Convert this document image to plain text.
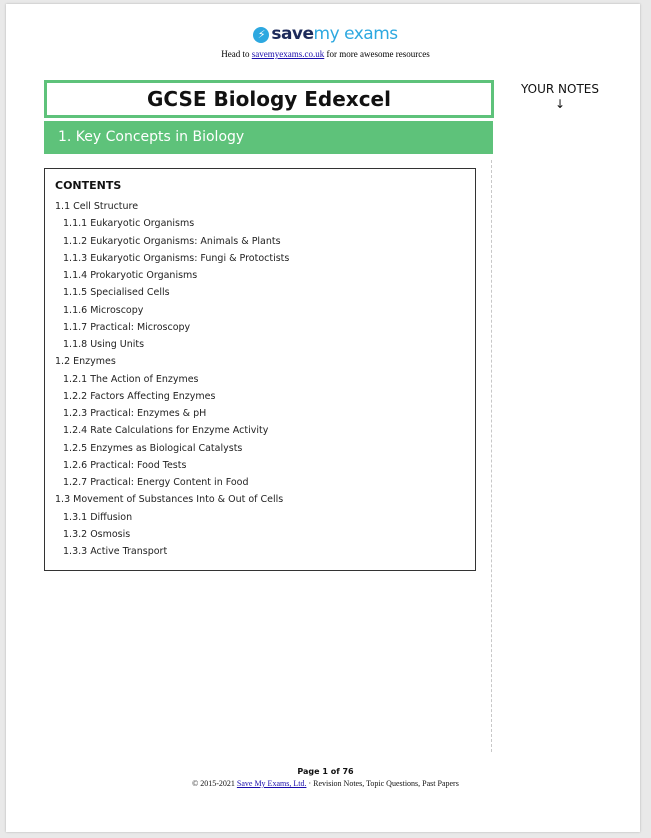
⚡ savemy exams
Head to savemyexams.co.uk for more awesome resources
GCSE Biology Edexcel
1. Key Concepts in Biology
YOUR NOTES
↓
CONTENTS
1.1 Cell Structure
1.1.1 Eukaryotic Organisms
1.1.2 Eukaryotic Organisms: Animals & Plants
1.1.3 Eukaryotic Organisms: Fungi & Protoctists
1.1.4 Prokaryotic Organisms
1.1.5 Specialised Cells
1.1.6 Microscopy
1.1.7 Practical: Microscopy
1.1.8 Using Units
1.2 Enzymes
1.2.1 The Action of Enzymes
1.2.2 Factors Affecting Enzymes
1.2.3 Practical: Enzymes & pH
1.2.4 Rate Calculations for Enzyme Activity
1.2.5 Enzymes as Biological Catalysts
1.2.6 Practical: Food Tests
1.2.7 Practical: Energy Content in Food
1.3 Movement of Substances Into & Out of Cells
1.3.1 Diffusion
1.3.2 Osmosis
1.3.3 Active Transport
Page 1 of 76
© 2015-2021 Save My Exams, Ltd. · Revision Notes, Topic Questions, Past Papers
